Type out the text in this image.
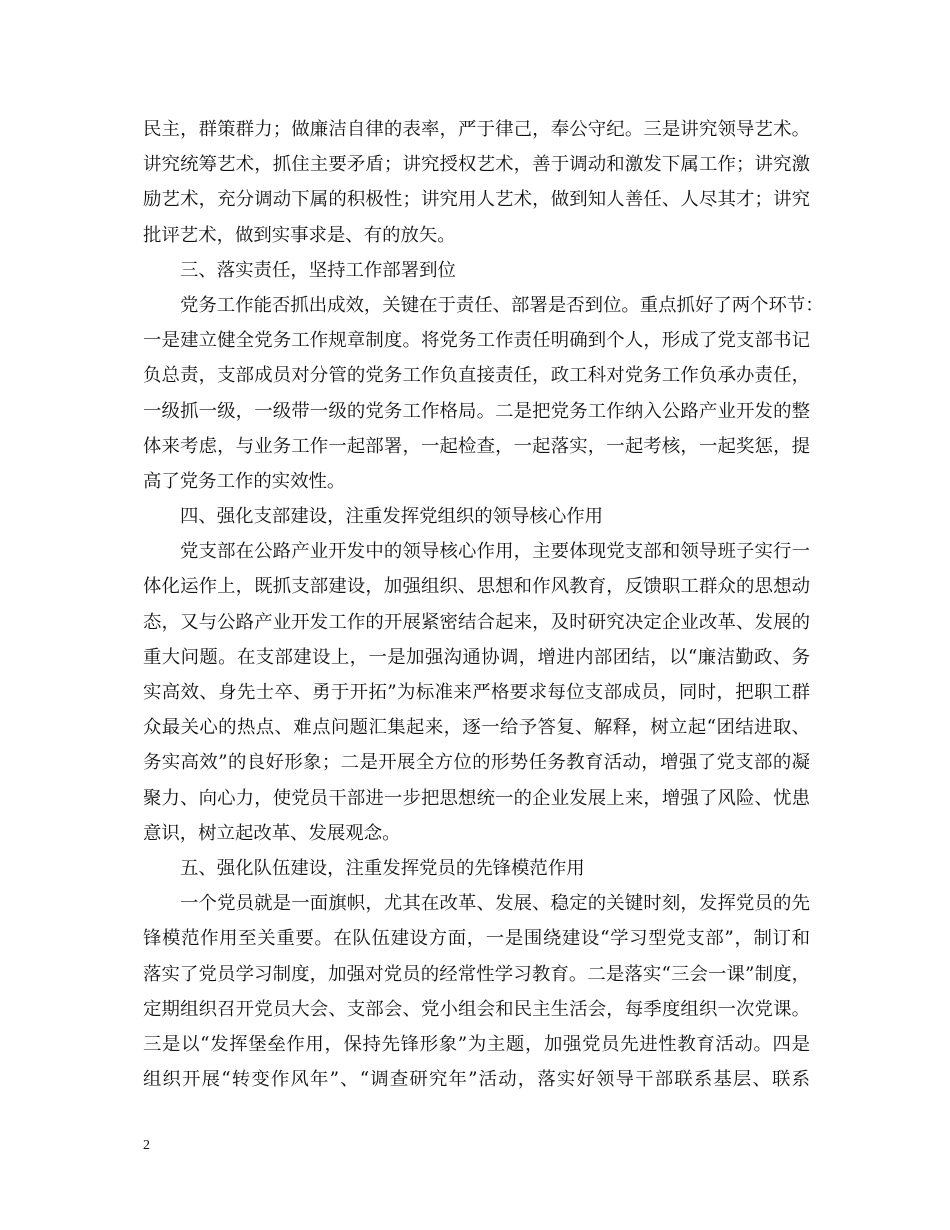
民主，群策群力；做廉洁自律的表率，严于律己，奉公守纪。三是讲究领导艺术。
讲究统筹艺术，抓住主要矛盾；讲究授权艺术，善于调动和激发下属工作；讲究激
励艺术，充分调动下属的积极性；讲究用人艺术，做到知人善任、人尽其才；讲究
批评艺术，做到实事求是、有的放矢。
三、落实责任，坚持工作部署到位
党务工作能否抓出成效，关键在于责任、部署是否到位。重点抓好了两个环节：
一是建立健全党务工作规章制度。将党务工作责任明确到个人，形成了党支部书记
负总责，支部成员对分管的党务工作负直接责任，政工科对党务工作负承办责任，
一级抓一级，一级带一级的党务工作格局。二是把党务工作纳入公路产业开发的整
体来考虑，与业务工作一起部署，一起检查，一起落实，一起考核，一起奖惩，提
高了党务工作的实效性。
四、强化支部建设，注重发挥党组织的领导核心作用
党支部在公路产业开发中的领导核心作用，主要体现党支部和领导班子实行一
体化运作上，既抓支部建设，加强组织、思想和作风教育，反馈职工群众的思想动
态，又与公路产业开发工作的开展紧密结合起来，及时研究决定企业改革、发展的
重大问题。在支部建设上，一是加强沟通协调，增进内部团结，以“廉洁勤政、务
实高效、身先士卒、勇于开拓”为标准来严格要求每位支部成员，同时，把职工群
众最关心的热点、难点问题汇集起来，逐一给予答复、解释，树立起“团结进取、
务实高效”的良好形象；二是开展全方位的形势任务教育活动，增强了党支部的凝
聚力、向心力，使党员干部进一步把思想统一的企业发展上来，增强了风险、忧患
意识，树立起改革、发展观念。
五、强化队伍建设，注重发挥党员的先锋模范作用
一个党员就是一面旗帜，尤其在改革、发展、稳定的关键时刻，发挥党员的先
锋模范作用至关重要。在队伍建设方面，一是围绕建设“学习型党支部”，制订和
落实了党员学习制度，加强对党员的经常性学习教育。二是落实“三会一课”制度，
定期组织召开党员大会、支部会、党小组会和民主生活会，每季度组织一次党课。
三是以“发挥堡垒作用，保持先锋形象”为主题，加强党员先进性教育活动。四是
组织开展“转变作风年”、“调查研究年”活动，落实好领导干部联系基层、联系
2
